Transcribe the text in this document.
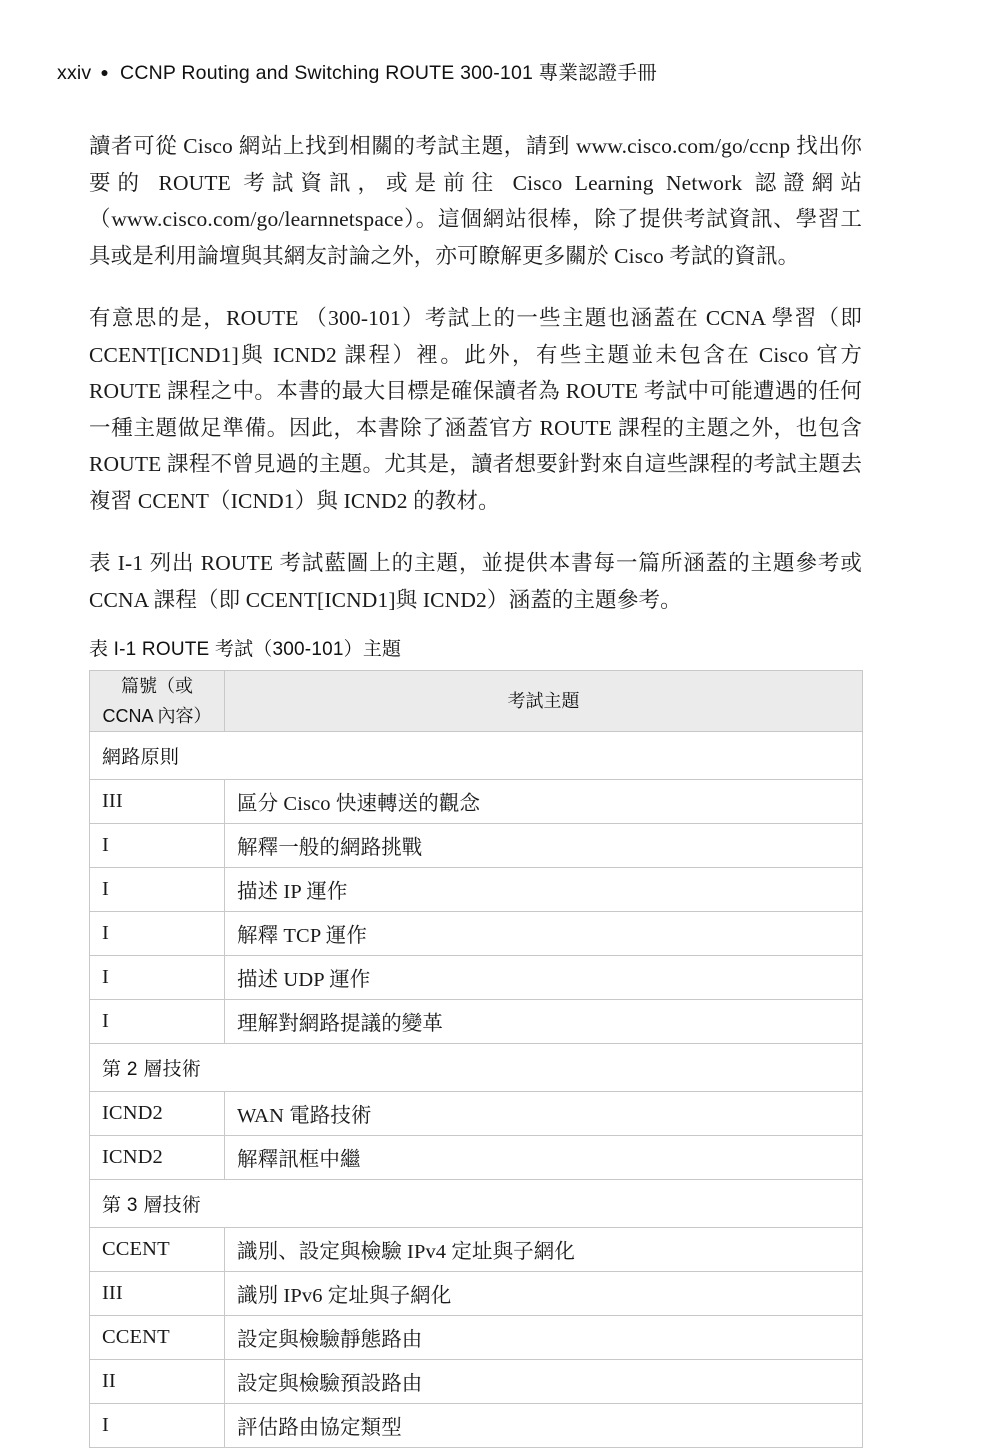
xxiv ● CCNP Routing and Switching ROUTE 300-101 專業認證手冊

讀者可從 Cisco 網站上找到相關的考試主題，請到 www.cisco.com/go/ccnp 找出你要的 ROUTE 考試資訊，或是前往 Cisco Learning Network 認證網站（www.cisco.com/go/learnnetspace）。這個網站很棒，除了提供考試資訊、學習工具或是利用論壇與其網友討論之外，亦可瞭解更多關於 Cisco 考試的資訊。

有意思的是，ROUTE （300-101）考試上的一些主題也涵蓋在 CCNA 學習（即 CCENT[ICND1]與 ICND2 課程）裡。此外，有些主題並未包含在 Cisco 官方 ROUTE 課程之中。本書的最大目標是確保讀者為 ROUTE 考試中可能遭遇的任何一種主題做足準備。因此，本書除了涵蓋官方 ROUTE 課程的主題之外，也包含 ROUTE 課程不曾見過的主題。尤其是，讀者想要針對來自這些課程的考試主題去複習 CCENT（ICND1）與 ICND2 的教材。

表 I-1 列出 ROUTE 考試藍圖上的主題，並提供本書每一篇所涵蓋的主題參考或 CCNA 課程（即 CCENT[ICND1]與 ICND2）涵蓋的主題參考。

表 I-1 ROUTE 考試（300-101）主題
篇號（或
CCNA 內容）	考試主題
網路原則	
III	區分 Cisco 快速轉送的觀念
I	解釋一般的網路挑戰
I	描述 IP 運作
I	解釋 TCP 運作
I	描述 UDP 運作
I	理解對網路提議的變革
第 2 層技術	
ICND2	WAN 電路技術
ICND2	解釋訊框中繼
第 3 層技術	
CCENT	識別、設定與檢驗 IPv4 定址與子網化
III	識別 IPv6 定址與子網化
CCENT	設定與檢驗靜態路由
II	設定與檢驗預設路由
I	評估路由協定類型
